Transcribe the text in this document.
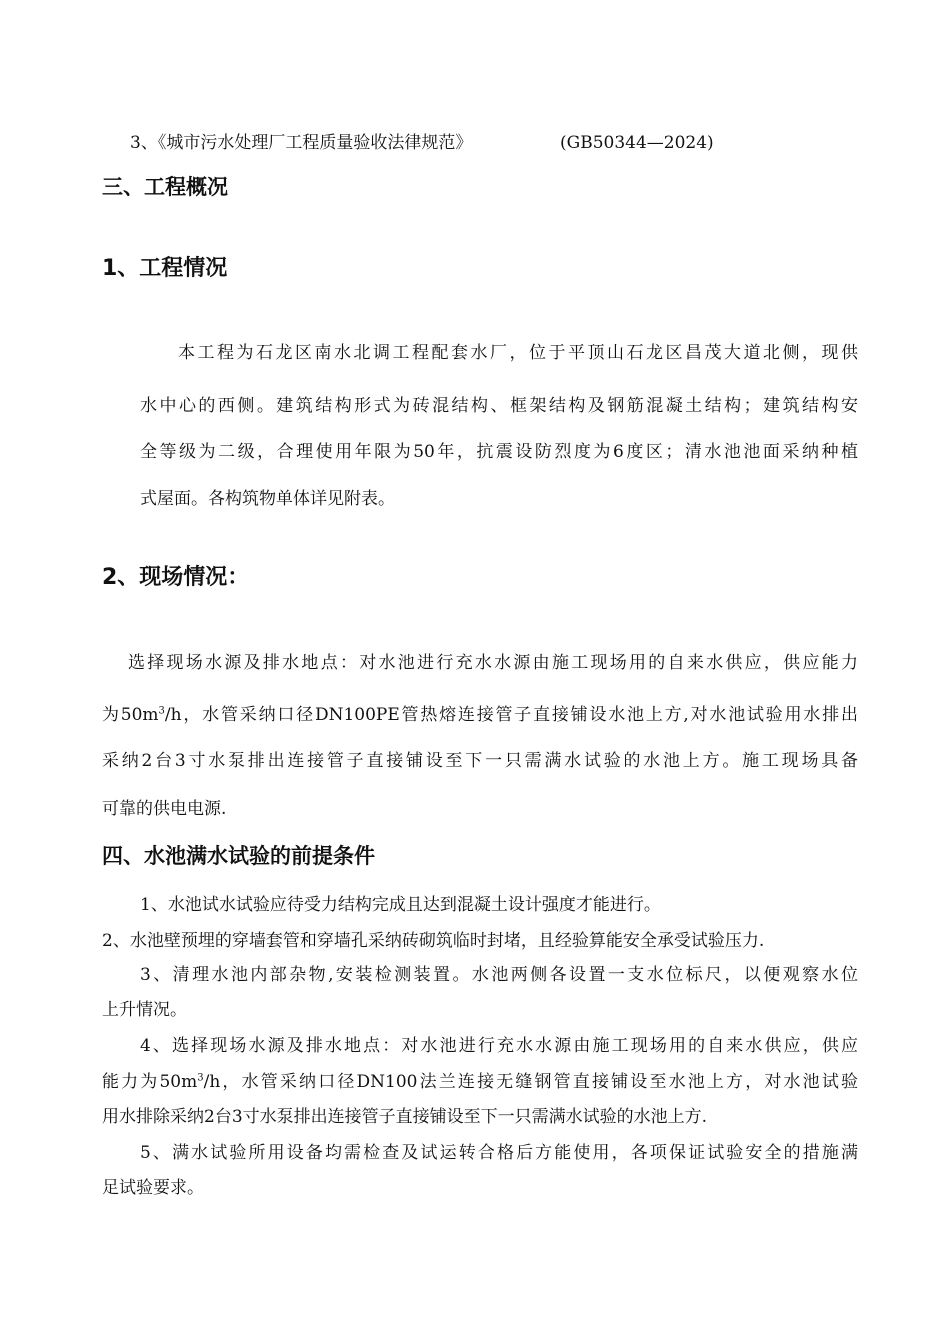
3、《城市污水处理厂工程质量验收法律规范》	(GB50344—2024)
三、工程概况
1、工程情况
本工程为石龙区南水北调工程配套水厂，位于平顶山石龙区昌茂大道北侧，现供
水中心的西侧。建筑结构形式为砖混结构、框架结构及钢筋混凝土结构；建筑结构安
全等级为二级，合理使用年限为50年，抗震设防烈度为6度区；清水池池面采纳种植
式屋面。各构筑物单体详见附表。
2、现场情况：
选择现场水源及排水地点：对水池进行充水水源由施工现场用的自来水供应，供应能力
为$50m^3/h$，水管采纳口径DN100PE管热熔连接管子直接铺设水池上方,对水池试验用水排出
采纳2台3寸水泵排出连接管子直接铺设至下一只需满水试验的水池上方。施工现场具备
可靠的供电电源.
四、水池满水试验的前提条件
1、水池试水试验应待受力结构完成且达到混凝土设计强度才能进行。
2、水池壁预埋的穿墙套管和穿墙孔采纳砖砌筑临时封堵，且经验算能安全承受试验压力.
3、清理水池内部杂物,安装检测装置。水池两侧各设置一支水位标尺，以便观察水位
上升情况。
4、选择现场水源及排水地点：对水池进行充水水源由施工现场用的自来水供应，供应
能力为$50m^3/h$，水管采纳口径DN100法兰连接无缝钢管直接铺设至水池上方，对水池试验
用水排除采纳2台3寸水泵排出连接管子直接铺设至下一只需满水试验的水池上方.
5、满水试验所用设备均需检查及试运转合格后方能使用，各项保证试验安全的措施满
足试验要求。
